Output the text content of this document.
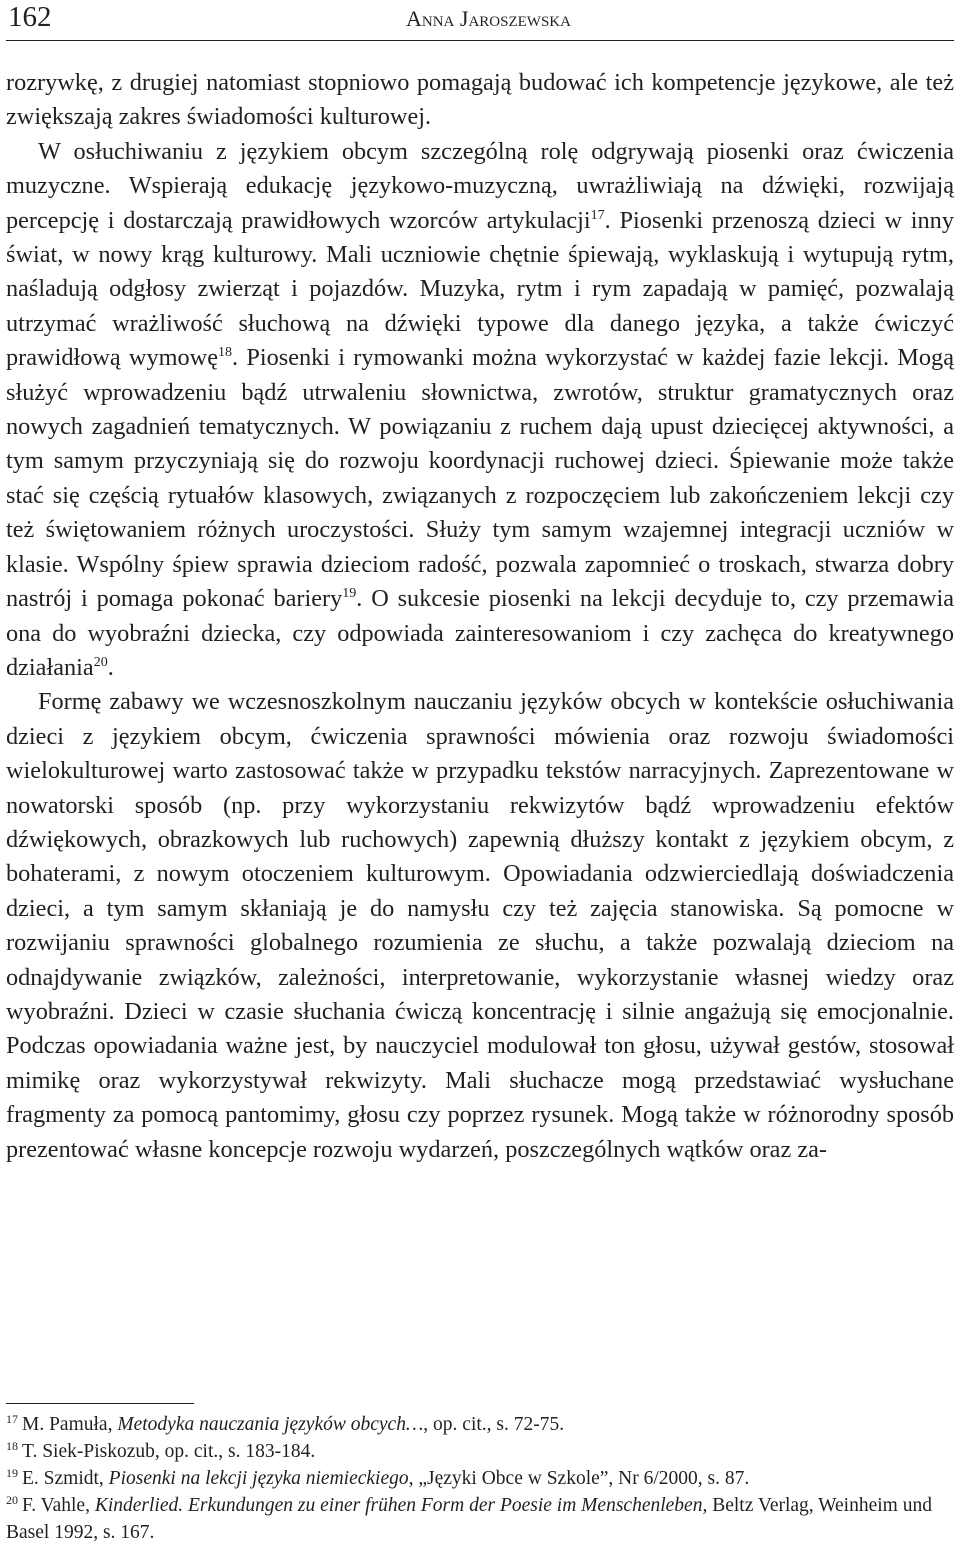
162	Anna Jaroszewska

rozrywkę, z drugiej natomiast stopniowo pomagają budować ich kompetencje językowe, ale też zwiększają zakres świadomości kulturowej.

W osłuchiwaniu z językiem obcym szczególną rolę odgrywają piosenki oraz ćwiczenia muzyczne. Wspierają edukację językowo-muzyczną, uwrażliwiają na dźwięki, rozwijają percepcję i dostarczają prawidłowych wzorców artykulacji$^{17}$. Piosenki przenoszą dzieci w inny świat, w nowy krąg kulturowy. Mali uczniowie chętnie śpiewają, wyklaskują i wytupują rytm, naśladują odgłosy zwierząt i pojazdów. Muzyka, rytm i rym zapadają w pamięć, pozwalają utrzymać wrażliwość słuchową na dźwięki typowe dla danego języka, a także ćwiczyć prawidłową wymowę$^{18}$. Piosenki i rymowanki można wykorzystać w każdej fazie lekcji. Mogą służyć wprowadzeniu bądź utrwaleniu słownictwa, zwrotów, struktur gramatycznych oraz nowych zagadnień tematycznych. W powiązaniu z ruchem dają upust dziecięcej aktywności, a tym samym przyczyniają się do rozwoju koordynacji ruchowej dzieci. Śpiewanie może także stać się częścią rytuałów klasowych, związanych z rozpoczęciem lub zakończeniem lekcji czy też świętowaniem różnych uroczystości. Służy tym samym wzajemnej integracji uczniów w klasie. Wspólny śpiew sprawia dzieciom radość, pozwala zapomnieć o troskach, stwarza dobry nastrój i pomaga pokonać bariery$^{19}$. O sukcesie piosenki na lekcji decyduje to, czy przemawia ona do wyobraźni dziecka, czy odpowiada zainteresowaniom i czy zachęca do kreatywnego działania$^{20}$.

Formę zabawy we wczesnoszkolnym nauczaniu języków obcych w kontekście osłuchiwania dzieci z językiem obcym, ćwiczenia sprawności mówienia oraz rozwoju świadomości wielokulturowej warto zastosować także w przypadku tekstów narracyjnych. Zaprezentowane w nowatorski sposób (np. przy wykorzystaniu rekwizytów bądź wprowadzeniu efektów dźwiękowych, obrazkowych lub ruchowych) zapewnią dłuższy kontakt z językiem obcym, z bohaterami, z nowym otoczeniem kulturowym. Opowiadania odzwierciedlają doświadczenia dzieci, a tym samym skłaniają je do namysłu czy też zajęcia stanowiska. Są pomocne w rozwijaniu sprawności globalnego rozumienia ze słuchu, a także pozwalają dzieciom na odnajdywanie związków, zależności, interpretowanie, wykorzystanie własnej wiedzy oraz wyobraźni. Dzieci w czasie słuchania ćwiczą koncentrację i silnie angażują się emocjonalnie. Podczas opowiadania ważne jest, by nauczyciel modulował ton głosu, używał gestów, stosował mimikę oraz wykorzystywał rekwizyty. Mali słuchacze mogą przedstawiać wysłuchane fragmenty za pomocą pantomimy, głosu czy poprzez rysunek. Mogą także w różnorodny sposób prezentować własne koncepcje rozwoju wydarzeń, poszczególnych wątków oraz za-

$^{17}$ M. Pamuła, Metodyka nauczania języków obcych…, op. cit., s. 72-75.

$^{18}$ T. Siek-Piskozub, op. cit., s. 183-184.

$^{19}$ E. Szmidt, Piosenki na lekcji języka niemieckiego, „Języki Obce w Szkole”, Nr 6/2000, s. 87.

$^{20}$ F. Vahle, Kinderlied. Erkundungen zu einer frühen Form der Poesie im Menschenleben, Beltz Verlag, Weinheim und Basel 1992, s. 167.
